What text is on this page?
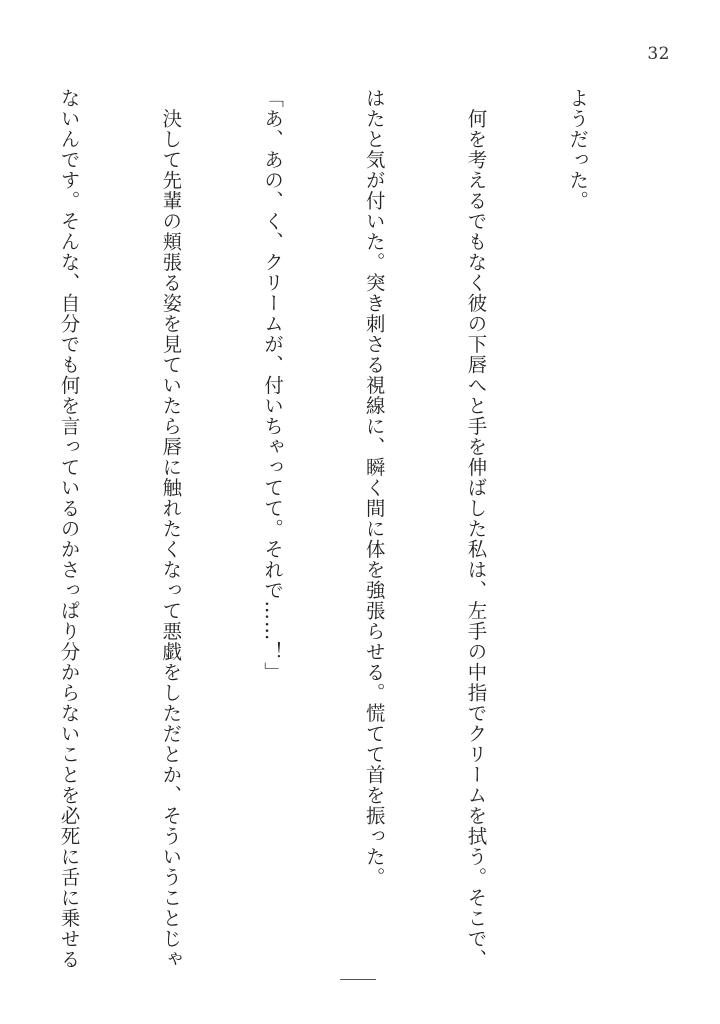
32

ようだった。

　何を考えるでもなく彼の下唇へと手を伸ばした私は、左手の中指でクリームを拭う。そこで、

はたと気が付いた。突き刺さる視線に、瞬く間に体を強張らせる。慌てて首を振った。

「あ、あの、く、クリームが、付いちゃってて。それで……！」

　決して先輩の頬張る姿を見ていたら唇に触れたくなって悪戯をしただとか、そういうことじゃ

ないんです。そんな、自分でも何を言っているのかさっぱり分からないことを必死に舌に乗せる
